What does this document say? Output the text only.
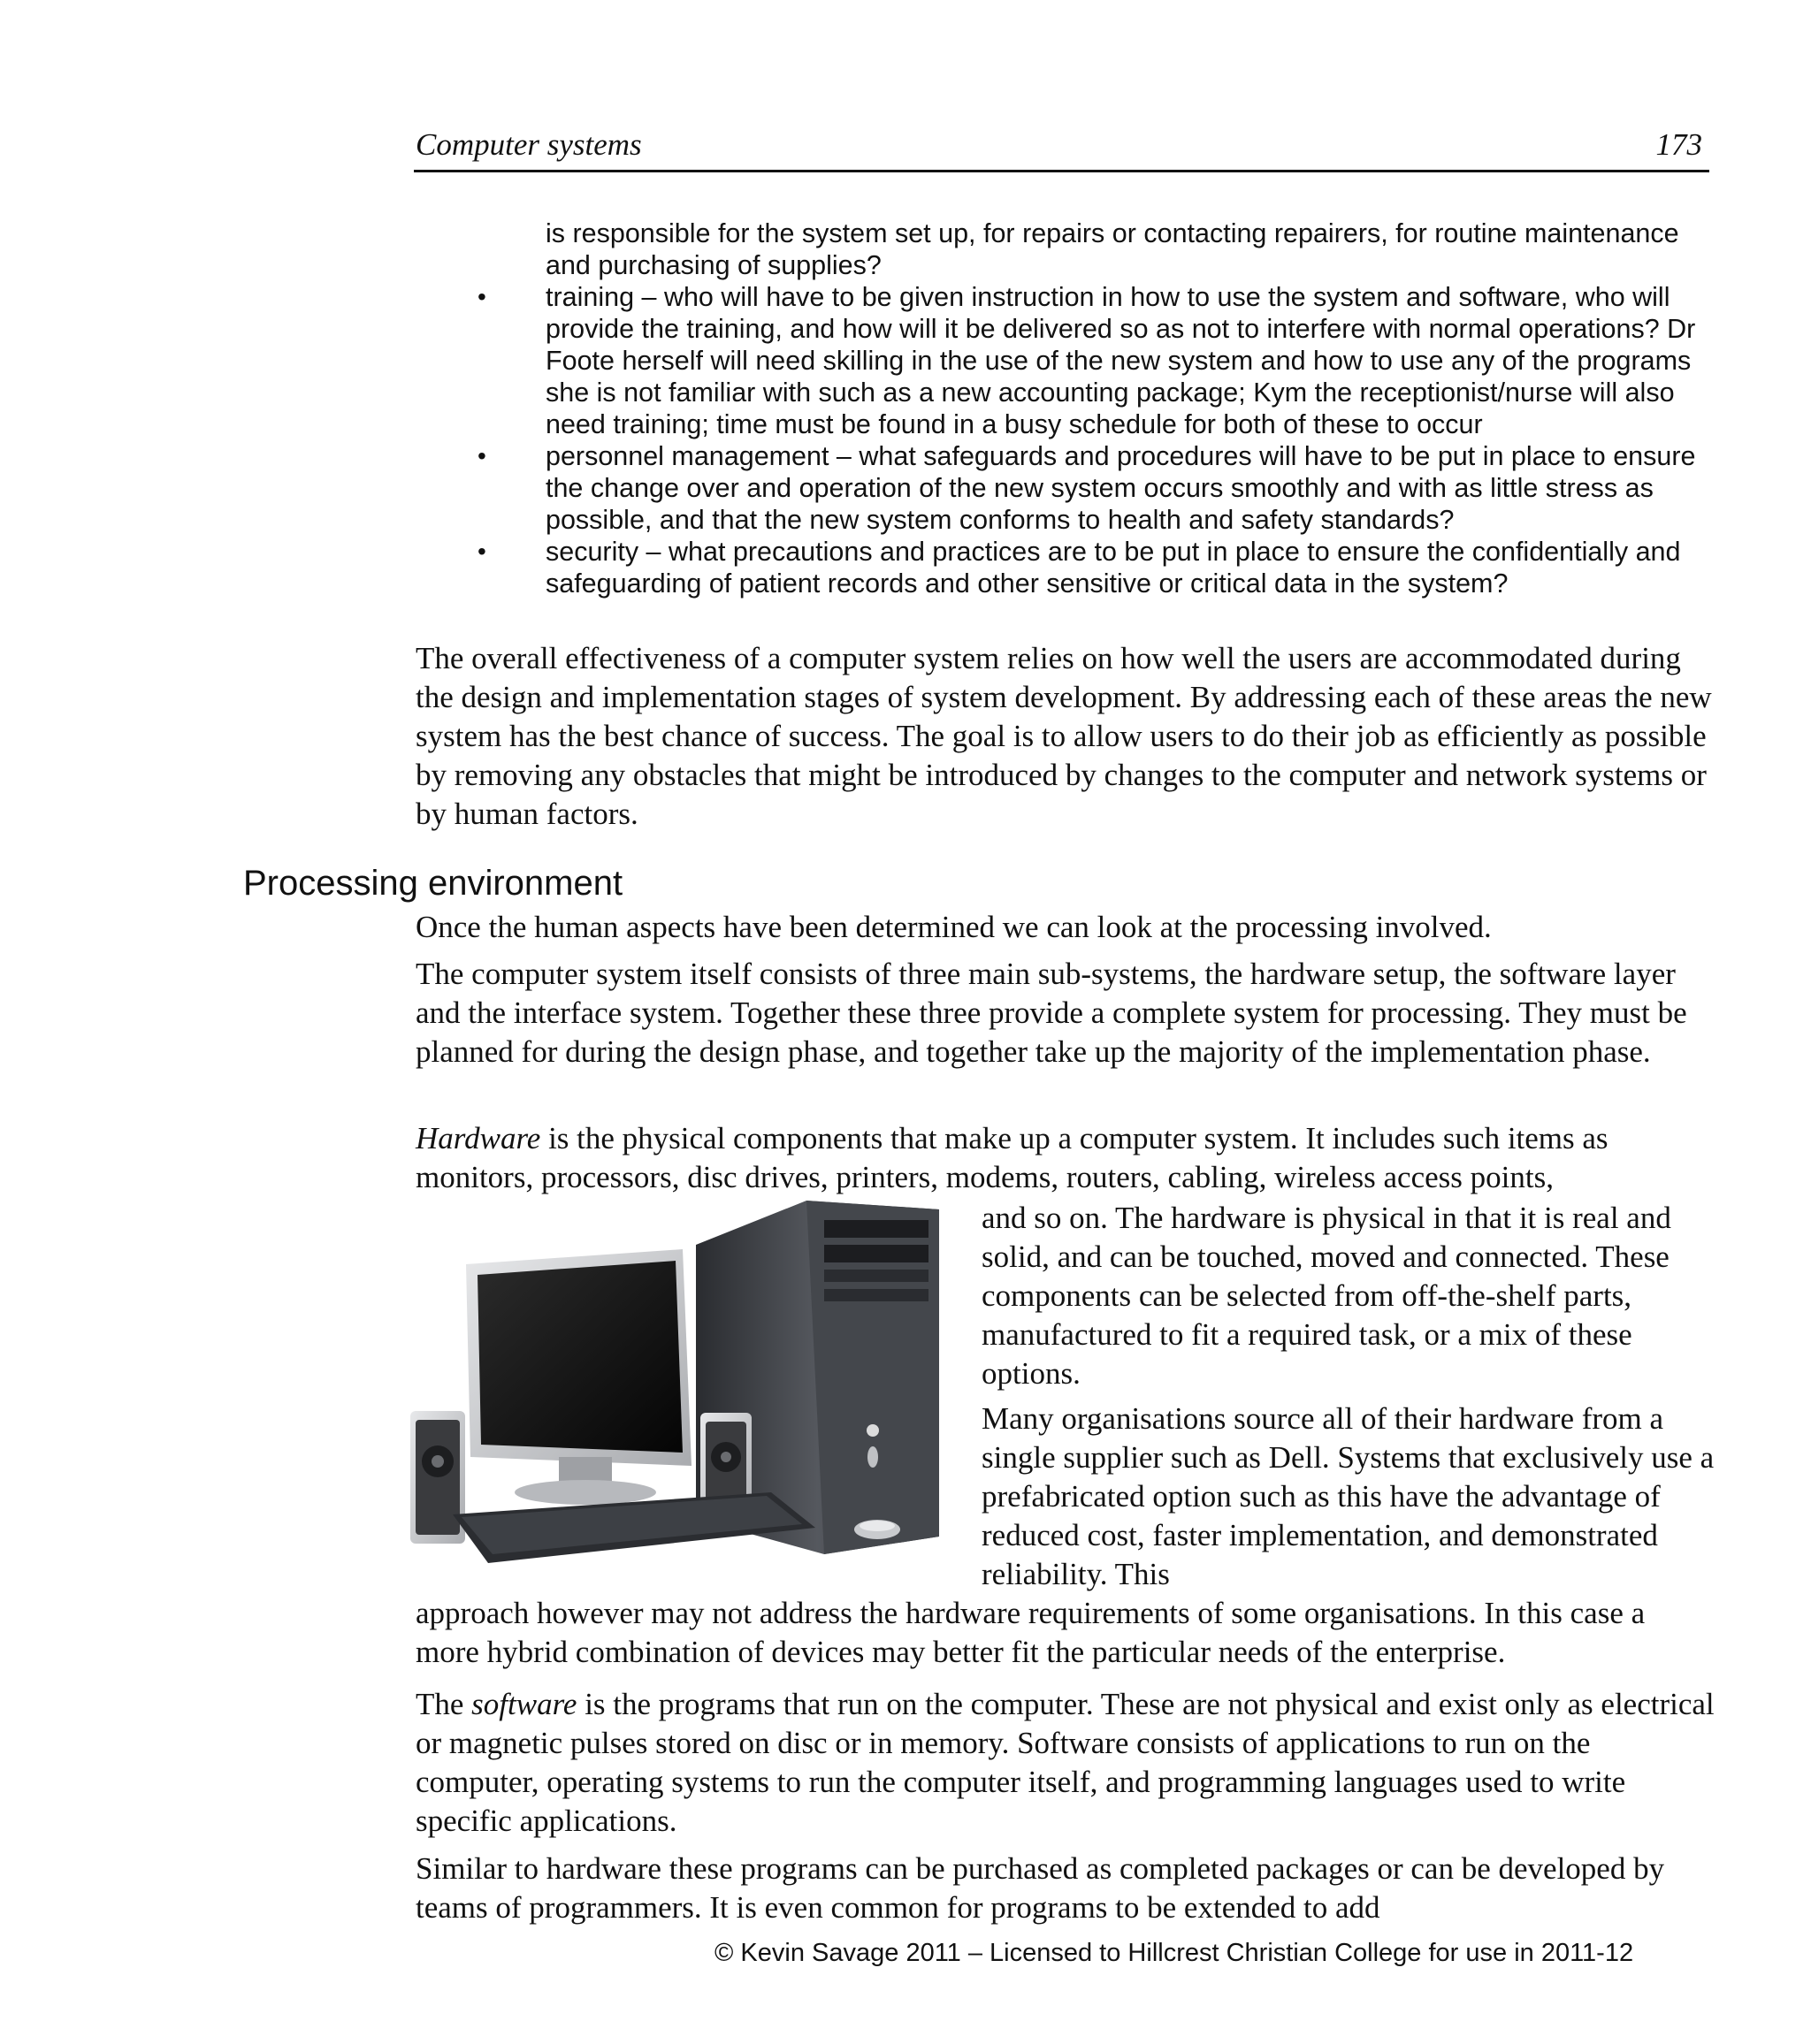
Computer systems	173
is responsible for the system set up, for repairs or contacting repairers, for routine maintenance and purchasing of supplies?
• training – who will have to be given instruction in how to use the system and software, who will provide the training, and how will it be delivered so as not to interfere with normal operations? Dr Foote herself will need skilling in the use of the new system and how to use any of the programs she is not familiar with such as a new accounting package; Kym the receptionist/nurse will also need training; time must be found in a busy schedule for both of these to occur
• personnel management – what safeguards and procedures will have to be put in place to ensure the change over and operation of the new system occurs smoothly and with as little stress as possible, and that the new system conforms to health and safety standards?
• security – what precautions and practices are to be put in place to ensure the confidentially and safeguarding of patient records and other sensitive or critical data in the system?

The overall effectiveness of a computer system relies on how well the users are accommodated during the design and implementation stages of system development. By addressing each of these areas the new system has the best chance of success. The goal is to allow users to do their job as efficiently as possible by removing any obstacles that might be introduced by changes to the computer and network systems or by human factors.

Processing environment

Once the human aspects have been determined we can look at the processing involved.

The computer system itself consists of three main sub-systems, the hardware setup, the software layer and the interface system. Together these three provide a complete system for processing. They must be planned for during the design phase, and together take up the majority of the implementation phase.

Hardware is the physical components that make up a computer system. It includes such items as monitors, processors, disc drives, printers, modems, routers, cabling, wireless access points,

and so on. The hardware is physical in that it is real and solid, and can be touched, moved and connected. These components can be selected from off-the-shelf parts, manufactured to fit a required task, or a mix of these options.

Many organisations source all of their hardware from a single supplier such as Dell. Systems that exclusively use a prefabricated option such as this have the advantage of reduced cost, faster implementation, and demonstrated reliability. This

approach however may not address the hardware requirements of some organisations. In this case a more hybrid combination of devices may better fit the particular needs of the enterprise.

The software is the programs that run on the computer. These are not physical and exist only as electrical or magnetic pulses stored on disc or in memory. Software consists of applications to run on the computer, operating systems to run the computer itself, and programming languages used to write specific applications.

Similar to hardware these programs can be purchased as completed packages or can be developed by teams of programmers. It is even common for programs to be extended to add

© Kevin Savage 2011 – Licensed to Hillcrest Christian College for use in 2011-12
